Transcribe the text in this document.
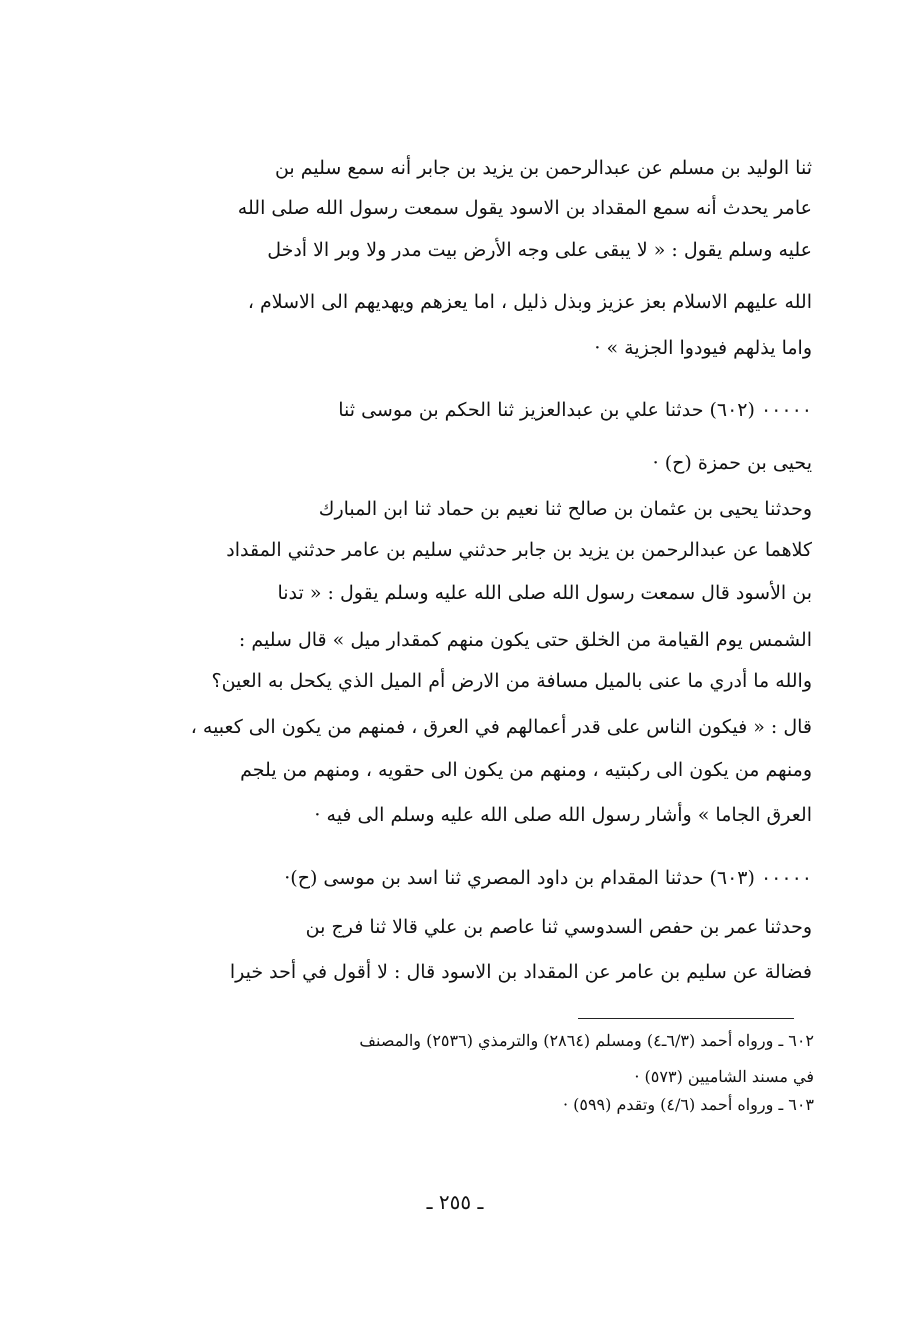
ثنا الوليد بن مسلم عن عبدالرحمن بن يزيد بن جابر أنه سمع سليم بن
عامر يحدث أنه سمع المقداد بن الاسود يقول سمعت رسول الله صلى الله
عليه وسلم يقول : « لا يبقى على وجه الأرض بيت مدر ولا وبر الا أدخل
الله عليهم الاسلام بعز عزيز وبذل ذليل ، اما يعزهم ويهديهم الى الاسلام ،
واما يذلهم فيودوا الجزية » ·
٠٠٠٠٠ (٦٠٢) حدثنا علي بن عبدالعزيز ثنا الحكم بن موسى ثنا
يحيى بن حمزة (ح) ·
وحدثنا يحيى بن عثمان بن صالح ثنا نعيم بن حماد ثنا ابن المبارك
كلاهما عن عبدالرحمن بن يزيد بن جابر حدثني سليم بن عامر حدثني المقداد
بن الأسود قال سمعت رسول الله صلى الله عليه وسلم يقول : « تدنا
الشمس يوم القيامة من الخلق حتى يكون منهم كمقدار ميل » قال سليم :
والله ما أدري ما عنى بالميل مسافة من الارض أم الميل الذي يكحل به العين؟
قال : « فيكون الناس على قدر أعمالهم في العرق ، فمنهم من يكون الى كعبيه ،
ومنهم من يكون الى ركبتيه ، ومنهم من يكون الى حقويه ، ومنهم من يلجم
العرق الجاما » وأشار رسول الله صلى الله عليه وسلم الى فيه ·
٠٠٠٠٠ (٦٠٣) حدثنا المقدام بن داود المصري ثنا اسد بن موسى (ح)·
وحدثنا عمر بن حفص السدوسي ثنا عاصم بن علي قالا ثنا فرج بن
فضالة عن سليم بن عامر عن المقداد بن الاسود قال : لا أقول في أحد خيرا
٦٠٢ ـ ورواه أحمد (٦/٣ـ٤) ومسلم (٢٨٦٤) والترمذي (٢٥٣٦) والمصنف
في مسند الشاميين (٥٧٣) ·
٦٠٣ ـ ورواه أحمد (٤/٦) وتقدم (٥٩٩) ·
ـ ٢٥٥ ـ
